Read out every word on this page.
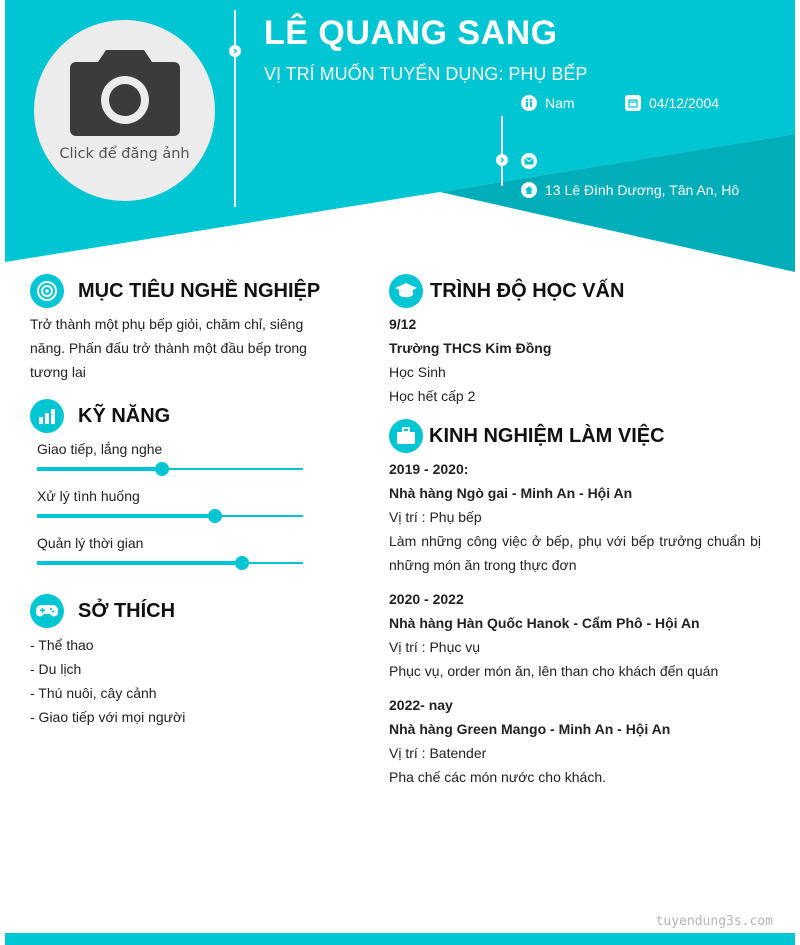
Click để đăng ảnh
LÊ QUANG SANG
VỊ TRÍ MUỐN TUYỂN DỤNG: PHỤ BẾP
Nam	04/12/2004
13 Lê Đình Dương, Tân An, Hô
MỤC TIÊU NGHỀ NGHIỆP
Trở thành một phụ bếp giỏi, chăm chỉ, siêng
năng. Phấn đấu trở thành một đầu bếp trong
tương lai
KỸ NĂNG
Giao tiếp, lắng nghe
Xử lý tình huống
Quản lý thời gian
SỞ THÍCH
- Thể thao
- Du lịch
- Thú nuôi, cây cảnh
- Giao tiếp với mọi người
TRÌNH ĐỘ HỌC VẤN
9/12
Trường THCS Kim Đồng
Học Sinh
Học hết cấp 2
KINH NGHIỆM LÀM VIỆC
2019 - 2020:
Nhà hàng Ngò gai - Minh An - Hội An
Vị trí : Phụ bếp
Làm những công việc ở bếp, phụ với bếp trưởng chuẩn bị
những món ăn trong thực đơn
2020 - 2022
Nhà hàng Hàn Quốc Hanok - Cẩm Phô - Hội An
Vị trí : Phục vụ
Phục vụ, order món ăn, lên than cho khách đến quán
2022- nay
Nhà hàng Green Mango - Minh An - Hội An
Vị trí : Batender
Pha chế các món nước cho khách.
tuyendung3s.com
